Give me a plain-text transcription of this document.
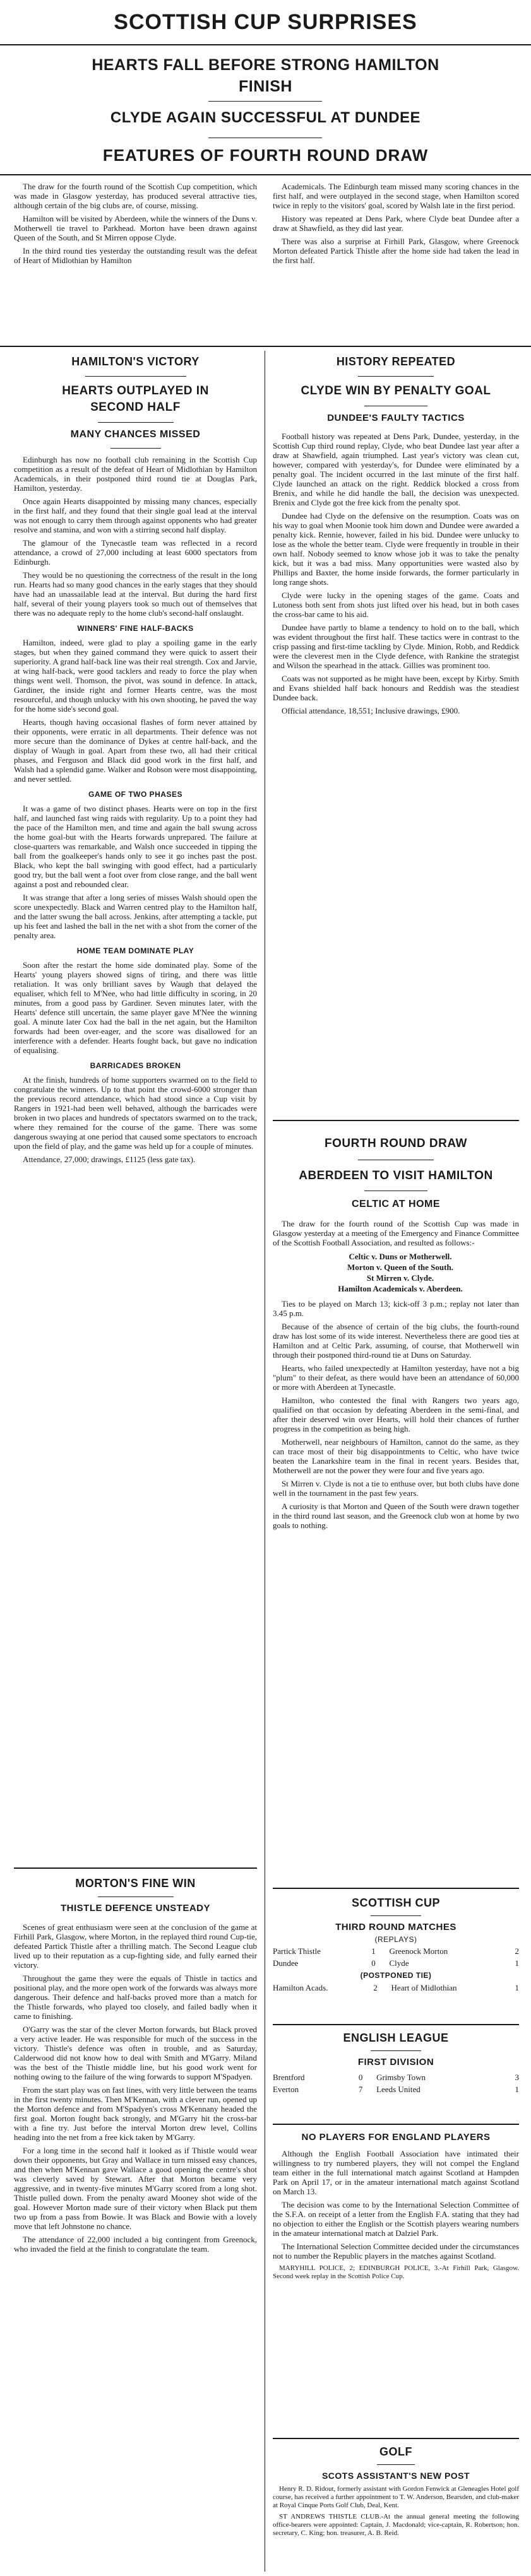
SCOTTISH CUP SURPRISES
HEARTS FALL BEFORE STRONG HAMILTON FINISH
CLYDE AGAIN SUCCESSFUL AT DUNDEE
FEATURES OF FOURTH ROUND DRAW

The draw for the fourth round of the Scottish Cup competition, which was made in Glasgow yesterday, has produced several attractive ties, although certain of the big clubs are, of course, missing.

Hamilton will be visited by Aberdeen, while the winners of the Duns v. Motherwell tie travel to Parkhead. Morton have been drawn against Queen of the South, and St Mirren oppose Clyde.

In the third round ties yesterday the outstanding result was the defeat of Heart of Midlothian by Hamilton

Academicals. The Edinburgh team missed many scoring chances in the first half, and were outplayed in the second stage, when Hamilton scored twice in reply to the visitors' goal, scored by Walsh late in the first period.

History was repeated at Dens Park, where Clyde beat Dundee after a draw at Shawfield, as they did last year.

There was also a surprise at Firhill Park, Glasgow, where Greenock Morton defeated Partick Thistle after the home side had taken the lead in the first half.

HAMILTON'S VICTORY
HEARTS OUTPLAYED IN SECOND HALF
MANY CHANCES MISSED

Edinburgh has now no football club remaining in the Scottish Cup competition as a result of the defeat of Heart of Midlothian by Hamilton Academicals, in their postponed third round tie at Douglas Park, Hamilton, yesterday.

Once again Hearts disappointed by missing many chances, especially in the first half, and they found that their single goal lead at the interval was not enough to carry them through against opponents who had greater resolve and stamina, and won with a stirring second half display.

The glamour of the Tynecastle team was reflected in a record attendance, a crowd of 27,000 including at least 6000 spectators from Edinburgh.

They would be no questioning the correctness of the result in the long run. Hearts had so many good chances in the early stages that they should have had an unassailable lead at the interval. But during the hard first half, several of their young players took so much out of themselves that there was no adequate reply to the home club's second-half onslaught.

WINNERS' FINE HALF-BACKS

Hamilton, indeed, were glad to play a spoiling game in the early stages, but when they gained command they were quick to assert their superiority. A grand half-back line was their real strength. Cox and Jarvie, at wing half-back, were good tacklers and ready to force the play when things went well. Thomson, the pivot, was sound in defence. In attack, Gardiner, the inside right and former Hearts centre, was the most resourceful, and though unlucky with his own shooting, he paved the way for the home side's second goal.

Hearts, though having occasional flashes of form never attained by their opponents, were erratic in all departments. Their defence was not more secure than the dominance of Dykes at centre half-back, and the display of Waugh in goal. Apart from these two, all had their critical phases, and Ferguson and Black did good work in the first half, and Walsh had a splendid game. Walker and Robson were most disappointing, and never settled.

GAME OF TWO PHASES

It was a game of two distinct phases. Hearts were on top in the first half, and launched fast wing raids with regularity. Up to a point they had the pace of the Hamilton men, and time and again the ball swung across the home goal-but with the Hearts forwards unprepared. The failure at close-quarters was remarkable, and Walsh once succeeded in tipping the ball from the goalkeeper's hands only to see it go inches past the post. Black, who kept the ball swinging with good effect, had a particularly good try, but the ball went a foot over from close range, and the ball went against a post and rebounded clear.

It was strange that after a long series of misses Walsh should open the score unexpectedly. Black and Warren centred play to the Hamilton half, and the latter swung the ball across. Jenkins, after attempting a tackle, put up his feet and lashed the ball in the net with a shot from the corner of the penalty area.

HOME TEAM DOMINATE PLAY

Soon after the restart the home side dominated play. Some of the Hearts' young players showed signs of tiring, and there was little retaliation. It was only brilliant saves by Waugh that delayed the equaliser, which fell to M'Nee, who had little difficulty in scoring, in 20 minutes, from a good pass by Gardiner. Seven minutes later, with the Hearts' defence still uncertain, the same player gave M'Nee the winning goal. A minute later Cox had the ball in the net again, but the Hamilton forwards had been over-eager, and the score was disallowed for an interference with a defender. Hearts fought back, but gave no indication of equalising.

BARRICADES BROKEN

At the finish, hundreds of home supporters swarmed on to the field to congratulate the winners. Up to that point the crowd-6000 stronger than the previous record attendance, which had stood since a Cup visit by Rangers in 1921-had been well behaved, although the barricades were broken in two places and hundreds of spectators swarmed on to the track, where they remained for the course of the game. There was some dangerous swaying at one period that caused some spectators to encroach upon the field of play, and the game was held up for a couple of minutes.

Attendance, 27,000; drawings, £1125 (less gate tax).

MORTON'S FINE WIN
THISTLE DEFENCE UNSTEADY

Scenes of great enthusiasm were seen at the conclusion of the game at Firhill Park, Glasgow, where Morton, in the replayed third round Cup-tie, defeated Partick Thistle after a thrilling match. The Second League club lived up to their reputation as a cup-fighting side, and fully earned their victory.

Throughout the game they were the equals of Thistle in tactics and positional play, and the more open work of the forwards was always more dangerous. Their defence and half-backs proved more than a match for the Thistle forwards, who played too closely, and failed badly when it came to finishing.

O'Garry was the star of the clever Morton forwards, but Black proved a very active leader. He was responsible for much of the success in the victory. Thistle's defence was often in trouble, and as Saturday, Calderwood did not know how to deal with Smith and M'Garry. Miland was the best of the Thistle middle line, but his good work went for nothing owing to the failure of the wing forwards to support M'Spadyen.

From the start play was on fast lines, with very little between the teams in the first twenty minutes. Then M'Kennan, with a clever run, opened up the Morton defence and from M'Spadyen's cross M'Kennany headed the first goal. Morton fought back strongly, and M'Garry hit the cross-bar with a fine try. Just before the interval Morton drew level, Collins heading into the net from a free kick taken by M'Garry.

For a long time in the second half it looked as if Thistle would wear down their opponents, but Gray and Wallace in turn missed easy chances, and then when M'Kennan gave Wallace a good opening the centre's shot was cleverly saved by Stewart. After that Morton became very aggressive, and in twenty-five minutes M'Garry scored from a long shot. Thistle pulled down. From the penalty award Mooney shot wide of the goal. However Morton made sure of their victory when Black put them two up from a pass from Bowie. It was Black and Bowie with a lovely move that left Johnstone no chance.

The attendance of 22,000 included a big contingent from Greenock, who invaded the field at the finish to congratulate the team.

HISTORY REPEATED
CLYDE WIN BY PENALTY GOAL
DUNDEE'S FAULTY TACTICS

Football history was repeated at Dens Park, Dundee, yesterday, in the Scottish Cup third round replay, Clyde, who beat Dundee last year after a draw at Shawfield, again triumphed. Last year's victory was clean cut, however, compared with yesterday's, for Dundee were eliminated by a penalty goal. The incident occurred in the last minute of the first half. Clyde launched an attack on the right. Reddick blocked a cross from Brenix, and while he did handle the ball, the decision was unexpected. Brenix and Clyde got the free kick from the penalty spot.

Dundee had Clyde on the defensive on the resumption. Coats was on his way to goal when Moonie took him down and Dundee were awarded a penalty kick. Rennie, however, failed in his bid. Dundee were unlucky to lose as the whole the better team. Clyde were frequently in trouble in their own half. Nobody seemed to know whose job it was to take the penalty kick, but it was a bad miss. Many opportunities were wasted also by Phillips and Baxter, the home inside forwards, the former particularly in long range shots.

Clyde were lucky in the opening stages of the game. Coats and Lutoness both sent from shots just lifted over his head, but in both cases the cross-bar came to his aid.

Dundee have partly to blame a tendency to hold on to the ball, which was evident throughout the first half. These tactics were in contrast to the crisp passing and first-time tackling by Clyde. Minion, Robb, and Reddick were the cleverest men in the Clyde defence, with Rankine the strategist and Wilson the spearhead in the attack. Gillies was prominent too.

Coats was not supported as he might have been, except by Kirby. Smith and Evans shielded half back honours and Reddish was the steadiest Dundee back.

Official attendance, 18,551; Inclusive drawings, £900.

FOURTH ROUND DRAW
ABERDEEN TO VISIT HAMILTON
CELTIC AT HOME

The draw for the fourth round of the Scottish Cup was made in Glasgow yesterday at a meeting of the Emergency and Finance Committee of the Scottish Football Association, and resulted as follows:-

Celtic v. Duns or Motherwell.

Morton v. Queen of the South.

St Mirren v. Clyde.

Hamilton Academicals v. Aberdeen.

Ties to be played on March 13; kick-off 3 p.m.; replay not later than 3.45 p.m.

Because of the absence of certain of the big clubs, the fourth-round draw has lost some of its wide interest. Nevertheless there are good ties at Hamilton and at Celtic Park, assuming, of course, that Motherwell win through their postponed third-round tie at Duns on Saturday.

Hearts, who failed unexpectedly at Hamilton yesterday, have not a big "plum" to their defeat, as there would have been an attendance of 60,000 or more with Aberdeen at Tynecastle.

Hamilton, who contested the final with Rangers two years ago, qualified on that occasion by defeating Aberdeen in the semi-final, and after their deserved win over Hearts, will hold their chances of further progress in the competition as being high.

Motherwell, near neighbours of Hamilton, cannot do the same, as they can trace most of their big disappointments to Celtic, who have twice beaten the Lanarkshire team in the final in recent years. Besides that, Motherwell are not the power they were four and five years ago.

St Mirren v. Clyde is not a tie to enthuse over, but both clubs have done well in the tournament in the past few years.

A curiosity is that Morton and Queen of the South were drawn together in the third round last season, and the Greenock club won at home by two goals to nothing.

SCOTTISH CUP
THIRD ROUND MATCHES
(REPLAYS)
Partick Thistle	1	Greenock Morton	2
Dundee	0	Clyde	1
(POSTPONED TIE)
Hamilton Acads.	2	Heart of Midlothian	1
ENGLISH LEAGUE
FIRST DIVISION
Brentford	0	Grimsby Town	3
Everton	7	Leeds United	1
NO PLAYERS FOR ENGLAND PLAYERS

Although the English Football Association have intimated their willingness to try numbered players, they will not compel the England team either in the full international match against Scotland at Hampden Park on April 17, or in the amateur international match against Scotland on March 13.

The decision was come to by the International Selection Committee of the S.F.A. on receipt of a letter from the English F.A. stating that they had no objection to either the English or the Scottish players wearing numbers in the amateur international match at Dalziel Park.

The International Selection Committee decided under the circumstances not to number the Republic players in the matches against Scotland.

MARYHILL POLICE, 2; EDINBURGH POLICE, 3.-At Firhill Park, Glasgow. Second week replay in the Scottish Police Cup.

GOLF
SCOTS ASSISTANT'S NEW POST

Henry R. D. Ridout, formerly assistant with Gordon Fenwick at Gleneagles Hotel golf course, has received a further appointment to T. W. Anderson, Bearsden, and club-maker at Royal Cinque Ports Golf Club, Deal, Kent.

ST ANDREWS THISTLE CLUB.-At the annual general meeting the following office-bearers were appointed: Captain, J. Macdonald; vice-captain, R. Robertson; hon. secretary, C. King; hon. treasurer, A. B. Reid.
